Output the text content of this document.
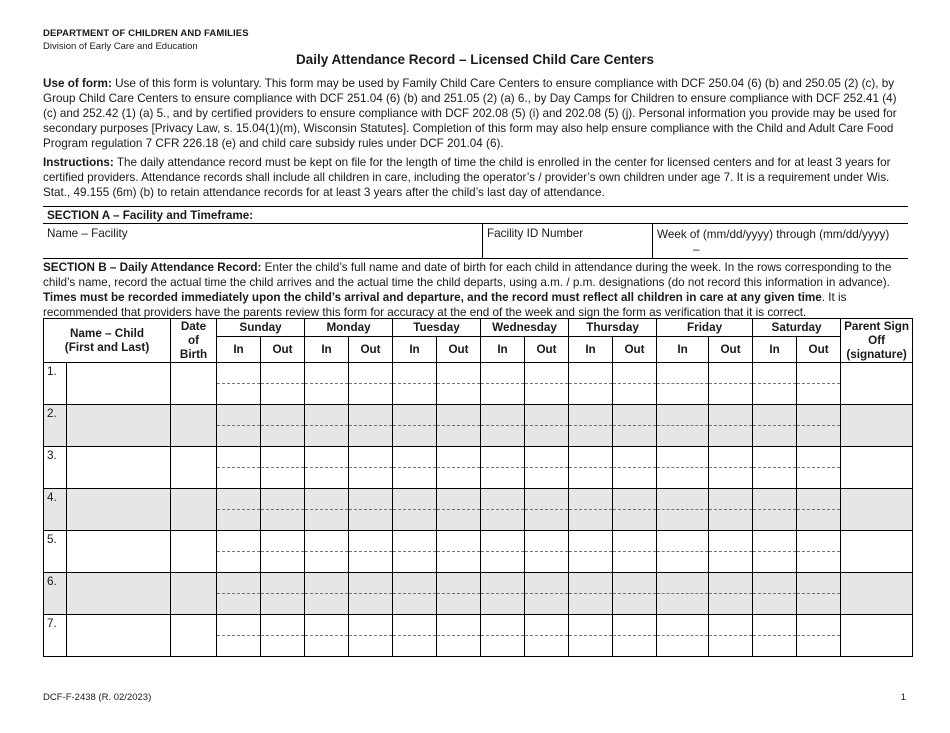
DEPARTMENT OF CHILDREN AND FAMILIES
Division of Early Care and Education
Daily Attendance Record – Licensed Child Care Centers
Use of form: Use of this form is voluntary. This form may be used by Family Child Care Centers to ensure compliance with DCF 250.04 (6) (b) and 250.05 (2) (c), by Group Child Care Centers to ensure compliance with DCF 251.04 (6) (b) and 251.05 (2) (a) 6., by Day Camps for Children to ensure compliance with DCF 252.41 (4) (c) and 252.42 (1) (a) 5., and by certified providers to ensure compliance with DCF 202.08 (5) (i) and 202.08 (5) (j). Personal information you provide may be used for secondary purposes [Privacy Law, s. 15.04(1)(m), Wisconsin Statutes]. Completion of this form may also help ensure compliance with the Child and Adult Care Food Program regulation 7 CFR 226.18 (e) and child care subsidy rules under DCF 201.04 (6).
Instructions: The daily attendance record must be kept on file for the length of time the child is enrolled in the center for licensed centers and for at least 3 years for certified providers. Attendance records shall include all children in care, including the operator’s / provider’s own children under age 7. It is a requirement under Wis. Stat., 49.155 (6m) (b) to retain attendance records for at least 3 years after the child’s last day of attendance.
SECTION A – Facility and Timeframe:
Name – Facility	Facility ID Number	Week of (mm/dd/yyyy) through (mm/dd/yyyy)
–
SECTION B – Daily Attendance Record: Enter the child’s full name and date of birth for each child in attendance during the week. In the rows corresponding to the child’s name, record the actual time the child arrives and the actual time the child departs, using a.m. / p.m. designations (do not record this information in advance). Times must be recorded immediately upon the child’s arrival and departure, and the record must reflect all children in care at any given time. It is recommended that providers have the parents review this form for accuracy at the end of the week and sign the form as verification that it is correct.
Name – Child (First and Last)		Date of Birth	Sunday		Monday		Tuesday		Wednesday		Thursday		Friday		Saturday		Parent Sign Off (signature)
			In	Out	In	Out	In	Out	In	Out	In	Out	In	Out	In	Out	
1.																	

2.																	

3.																	

4.																	

5.																	

6.																	

7.																	

DCF-F-2438 (R. 02/2023)	1
